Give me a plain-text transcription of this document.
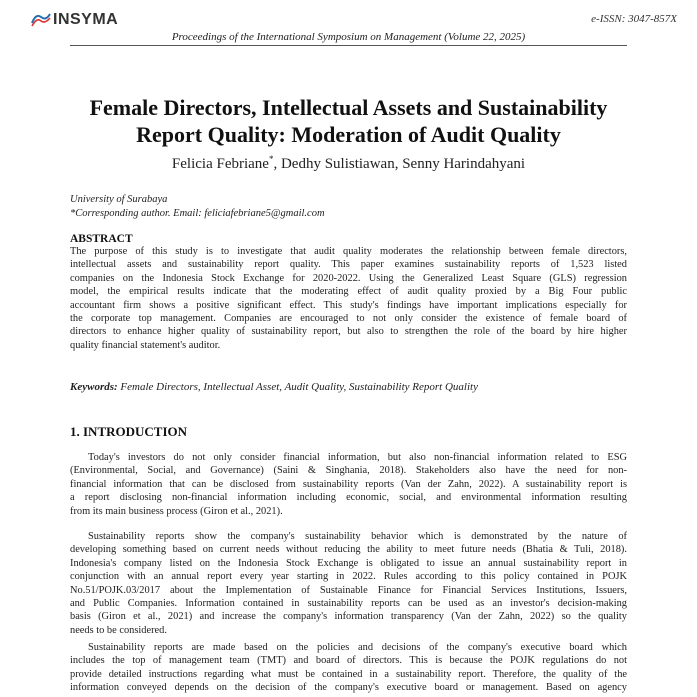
INSYMA	e-ISSN: 3047-857X
Proceedings of the International Symposium on Management (Volume 22, 2025)
Female Directors, Intellectual Assets and Sustainability
Report Quality: Moderation of Audit Quality
Felicia Febriane*, Dedhy Sulistiawan, Senny Harindahyani
University of Surabaya
*Corresponding author. Email: feliciafebriane5@gmail.com
ABSTRACT
The purpose of this study is to investigate that audit quality moderates the relationship between female directors,
intellectual assets and sustainability report quality. This paper examines sustainability reports of 1,523 listed
companies on the Indonesia Stock Exchange for 2020-2022. Using the Generalized Least Square (GLS) regression
model, the empirical results indicate that the moderating effect of audit quality proxied by a Big Four public
accountant firm shows a positive significant effect. This study's findings have important implications especially for
the corporate top management. Companies are encouraged to not only consider the existence of female board of
directors to enhance higher quality of sustainability report, but also to strengthen the role of the board by hire higher
quality financial statement's auditor.
Keywords: Female Directors, Intellectual Asset, Audit Quality, Sustainability Report Quality
1. INTRODUCTION
Today's investors do not only consider financial information, but also non-financial information related to ESG
(Environmental, Social, and Governance) (Saini & Singhania, 2018). Stakeholders also have the need for non-
financial information that can be disclosed from sustainability reports (Van der Zahn, 2022). A sustainability report is
a report disclosing non-financial information including economic, social, and environmental information resulting
from its main business process (Giron et al., 2021).
Sustainability reports show the company's sustainability behavior which is demonstrated by the nature of
developing something based on current needs without reducing the ability to meet future needs (Bhatia & Tuli, 2018).
Indonesia's company listed on the Indonesia Stock Exchange is obligated to issue an annual sustainability report in
conjunction with an annual report every year starting in 2022. Rules according to this policy contained in POJK
No.51/POJK.03/2017 about the Implementation of Sustainable Finance for Financial Services Institutions, Issuers,
and Public Companies. Information contained in sustainability reports can be used as an investor's decision-making
basis (Giron et al., 2021) and increase the company's information transparency (Van der Zahn, 2022) so the quality
needs to be considered.
Sustainability reports are made based on the policies and decisions of the company's executive board which
includes the top of management team (TMT) and board of directors. This is because the POJK regulations do not
provide detailed instructions regarding what must be contained in a sustainability report. Therefore, the quality of the
information conveyed depends on the decision of the company's executive board or management. Based on agency
